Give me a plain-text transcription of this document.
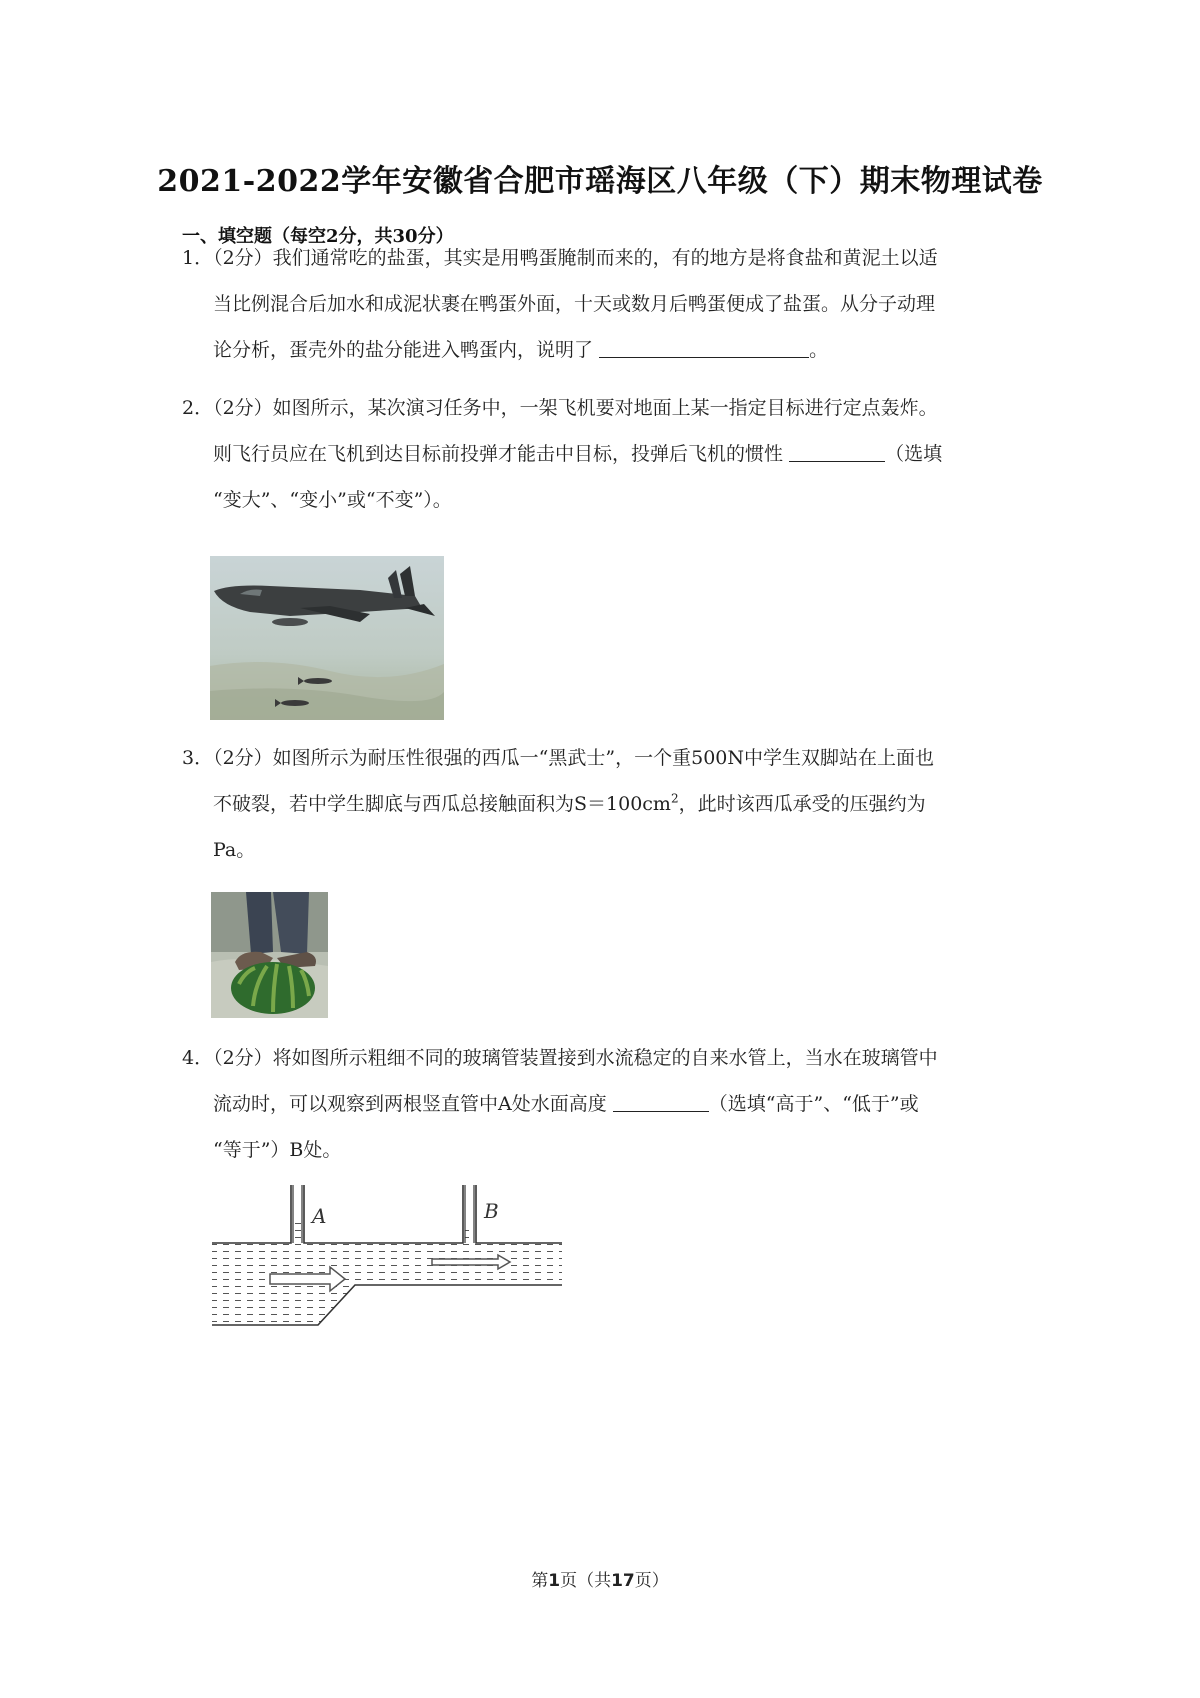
2021-2022学年安徽省合肥市瑶海区八年级（下）期末物理试卷
一、填空题（每空2分，共30分）
1．（2分）我们通常吃的盐蛋，其实是用鸭蛋腌制而来的，有的地方是将食盐和黄泥土以适
当比例混合后加水和成泥状裹在鸭蛋外面，十天或数月后鸭蛋便成了盐蛋。从分子动理
论分析，蛋壳外的盐分能进入鸭蛋内，说明了	。
2．（2分）如图所示，某次演习任务中，一架飞机要对地面上某一指定目标进行定点轰炸。
则飞行员应在飞机到达目标前投弹才能击中目标，投弹后飞机的惯性	（选填
“变大”、“变小”或“不变”）。
3．（2分）如图所示为耐压性很强的西瓜一“黑武士”，一个重500N中学生双脚站在上面也
不破裂，若中学生脚底与西瓜总接触面积为$S=100cm^2$，此时该西瓜承受的压强约为
Pa。
4．（2分）将如图所示粗细不同的玻璃管装置接到水流稳定的自来水管上，当水在玻璃管中
流动时，可以观察到两根竖直管中A处水面高度	（选填“高于”、“低于”或
“等于”）B处。
A	B
第1页（共17页）
